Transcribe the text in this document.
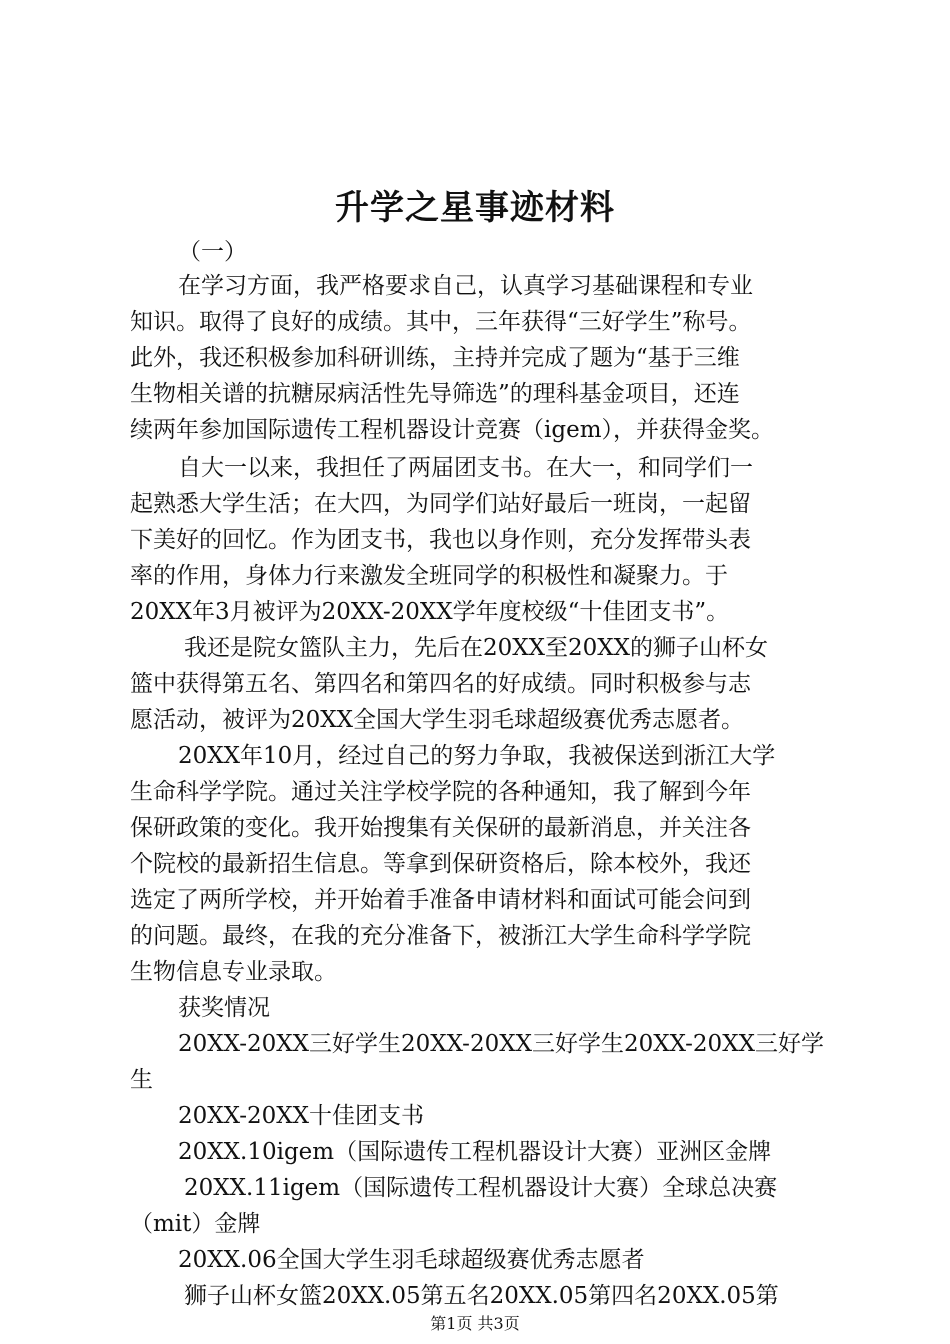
升学之星事迹材料
（一）
在学习方面，我严格要求自己，认真学习基础课程和专业
知识。取得了良好的成绩。其中，三年获得“三好学生”称号。
此外，我还积极参加科研训练，主持并完成了题为“基于三维
生物相关谱的抗糖尿病活性先导筛选”的理科基金项目，还连
续两年参加国际遗传工程机器设计竞赛（igem），并获得金奖。
自大一以来，我担任了两届团支书。在大一，和同学们一
起熟悉大学生活；在大四，为同学们站好最后一班岗，一起留
下美好的回忆。作为团支书，我也以身作则，充分发挥带头表
率的作用，身体力行来激发全班同学的积极性和凝聚力。于
20XX年3月被评为20XX-20XX学年度校级“十佳团支书”。
我还是院女篮队主力，先后在20XX至20XX的狮子山杯女
篮中获得第五名、第四名和第四名的好成绩。同时积极参与志
愿活动，被评为20XX全国大学生羽毛球超级赛优秀志愿者。
20XX年10月，经过自己的努力争取，我被保送到浙江大学
生命科学学院。通过关注学校学院的各种通知，我了解到今年
保研政策的变化。我开始搜集有关保研的最新消息，并关注各
个院校的最新招生信息。等拿到保研资格后，除本校外，我还
选定了两所学校，并开始着手准备申请材料和面试可能会问到
的问题。最终，在我的充分准备下，被浙江大学生命科学学院
生物信息专业录取。
获奖情况
20XX-20XX三好学生20XX-20XX三好学生20XX-20XX三好学
生
20XX-20XX十佳团支书
20XX.10igem（国际遗传工程机器设计大赛）亚洲区金牌
20XX.11igem（国际遗传工程机器设计大赛）全球总决赛
（mit）金牌
20XX.06全国大学生羽毛球超级赛优秀志愿者
狮子山杯女篮20XX.05第五名20XX.05第四名20XX.05第
第1页 共3页
